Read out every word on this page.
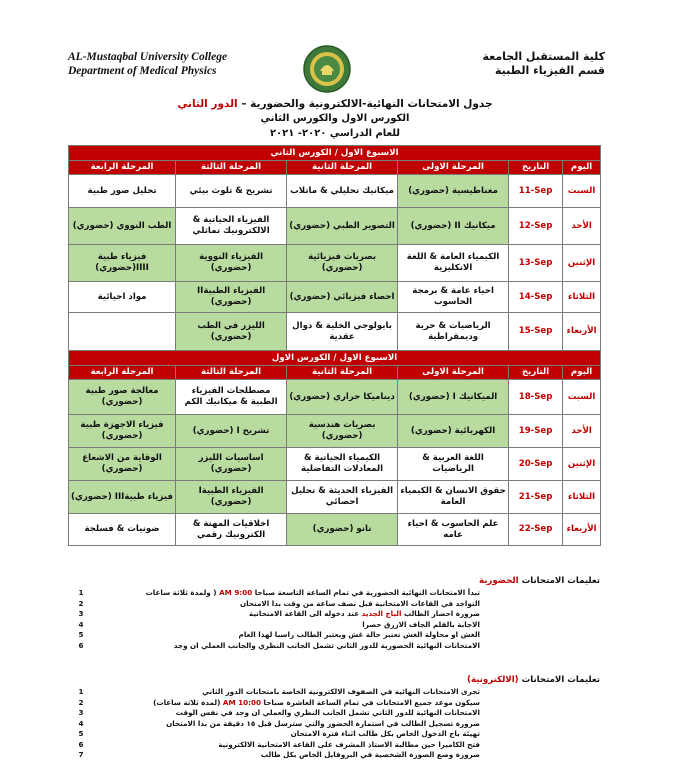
AL-Mustaqbal University College
Department of Medical Physics
كلية المستقبل الجامعة
قسم الفيزياء الطبية
جدول الامتحانات النهائية-الالكترونية والحضورية – الدور الثاني
الكورس الاول والكورس الثاني
للعام الدراسي ٢٠٢٠- ٢٠٢١
الاسبوع الاول / الكورس الثاني					
اليوم	التاريخ	المرحلة الاولى	المرحلة الثانية	المرحلة الثالثة	المرحلة الرابعة
السبت	11-Sep	مغناطيسية (حضوري)	ميكانيك تحليلي & ماتلاب	تشريح & تلوث بيئي	تحليل صور طبية
الأحد	12-Sep	ميكانيك II (حضوري)	التصوير الطبي (حضوري)	الفيزياء الحياتية & الالكترونيك تماثلي	الطب النووي (حضوري)
الإثنين	13-Sep	الكيمياء العامة & اللغة الانكليزية	بصريات فيزيائية (حضوري)	الفيزياء النووية (حضوري)	فيزياء طبية IIII(حضوري)
الثلاثاء	14-Sep	احياء عامة & برمجة الحاسوب	احصاء فيزيائي (حضوري)	الفيزياء الطبيةII (حضوري)	مواد احيائية
الأربعاء	15-Sep	الرياضيات & حرية وديمقراطية	بايولوجي الخلية & دوال عقدية	الليزر في الطب (حضوري)	
الاسبوع الاول / الكورس الاول					
اليوم	التاريخ	المرحلة الاولى	المرحلة الثانية	المرحلة الثالثة	المرحلة الرابعة
السبت	18-Sep	الميكانيك I (حضوري)	ديناميكا حراري (حضوري)	مصطلحات الفيزياء الطبية & ميكانيك الكم	معالجة صور طبية (حضوري)
الأحد	19-Sep	الكهربائية (حضوري)	بصريات هندسية (حضوري)	تشريح I (حضوري)	فيزياء الاجهزة طبية (حضوري)
الإثنين	20-Sep	اللغة العربية & الرياضيات	الكيمياء الحياتية & المعادلات التفاضلية	اساسيات الليزر (حضوري)	الوقاية من الاشعاع (حضوري)
الثلاثاء	21-Sep	حقوق الانسان & الكيمياء العامة	الفيزياء الحديثة & تحليل احصائي	الفيزياء الطبيةI (حضوري)	فيزياء طبيةIII (حضوري)
الأربعاء	22-Sep	علم الحاسوب & احياء عامه	نانو (حضوري)	اخلاقيات المهنة & الكترونيك رقمي	ضونيات & فسلجة
تعليمات الامتحانات الحضورية
تبدأ الامتحانات النهائية الحضورية في تمام الساعة التاسعة صباحا 9:00 AM ( ولمدة ثلاثة ساعات
1
التواجد في القاعات الامتحانية قبل نصف ساعة من وقت بدا الامتحان
2
ضرورة احضار الطالب الباج الجديد عند دخوله الى القاعة الامتحانية
3
الاجابة بالقلم الجاف الازرق حصرا
4
الغش او محاولة الغش تعتبر حالة غش ويعتبر الطالب راسبا لهذا العام
5
الامتحانات النهائية الحضورية للدور الثاني تشمل الجانب النظري والجانب العملي ان وجد
6
تعليمات الامتحانات (الالكترونية)
تجرى الامتحانات النهائية في الصفوف الالكترونية الخاصة بامتحانات الدور الثاني
1
سيكون موعد جميع الامتحانات في تمام الساعة العاشرة صباحا 10:00 AM (لمدة ثلاثة ساعات)
2
الامتحانات النهائية للدور الثاني تشمل الجانب النظري والعملي ان وجد في نفس الوقت
3
ضرورة تسجيل الطالب في استمارة الحضور والتي سترسل قبل ١٥ دقيقة من بدا الامتحان
4
تهيئة باج الدخول الخاص بكل طالب اثناء فترة الامتحان
5
فتح الكاميرا حين مطالبة الاستاذ المشرف على القاعة الامتحانية الالكترونية
6
ضرورة وضع الصورة الشخصية في البروفايل الخاص بكل طالب
7
